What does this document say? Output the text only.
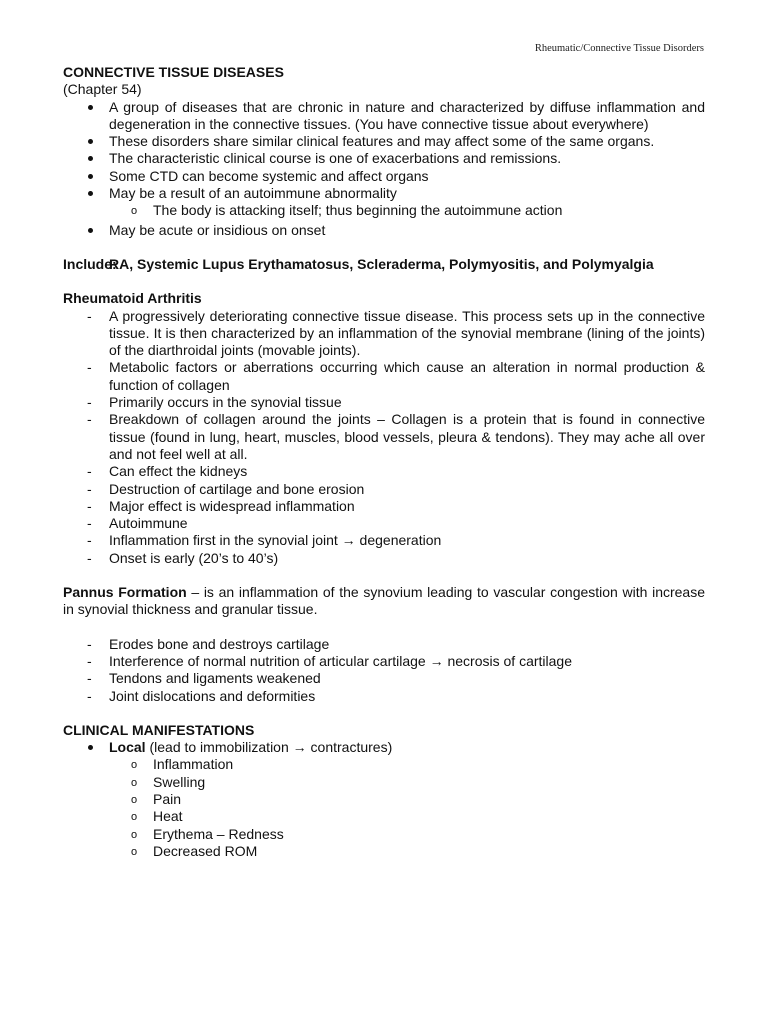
Rheumatic/Connective Tissue Disorders
CONNECTIVE TISSUE DISEASES
(Chapter 54)
A group of diseases that are chronic in nature and characterized by diffuse inflammation and degeneration in the connective tissues. (You have connective tissue about everywhere)
These disorders share similar clinical features and may affect some of the same organs.
The characteristic clinical course is one of exacerbations and remissions.
Some CTD can become systemic and affect organs
May be a result of an autoimmune abnormality
o The body is attacking itself; thus beginning the autoimmune action
May be acute or insidious on onset
Include:
RA, Systemic Lupus Erythamatosus, Scleraderma, Polymyositis, and Polymyalgia
Rheumatoid Arthritis
- A progressively deteriorating connective tissue disease. This process sets up in the connective tissue. It is then characterized by an inflammation of the synovial membrane (lining of the joints) of the diarthroidal joints (movable joints).
- Metabolic factors or aberrations occurring which cause an alteration in normal production & function of collagen
- Primarily occurs in the synovial tissue
- Breakdown of collagen around the joints – Collagen is a protein that is found in connective tissue (found in lung, heart, muscles, blood vessels, pleura & tendons). They may ache all over and not feel well at all.
- Can effect the kidneys
- Destruction of cartilage and bone erosion
- Major effect is widespread inflammation
- Autoimmune
- Inflammation first in the synovial joint → degeneration
- Onset is early (20’s to 40’s)
Pannus Formation – is an inflammation of the synovium leading to vascular congestion with increase in synovial thickness and granular tissue.
- Erodes bone and destroys cartilage
- Interference of normal nutrition of articular cartilage → necrosis of cartilage
- Tendons and ligaments weakened
- Joint dislocations and deformities
CLINICAL MANIFESTATIONS
Local (lead to immobilization → contractures)
o Inflammation
o Swelling
o Pain
o Heat
o Erythema – Redness
o Decreased ROM
